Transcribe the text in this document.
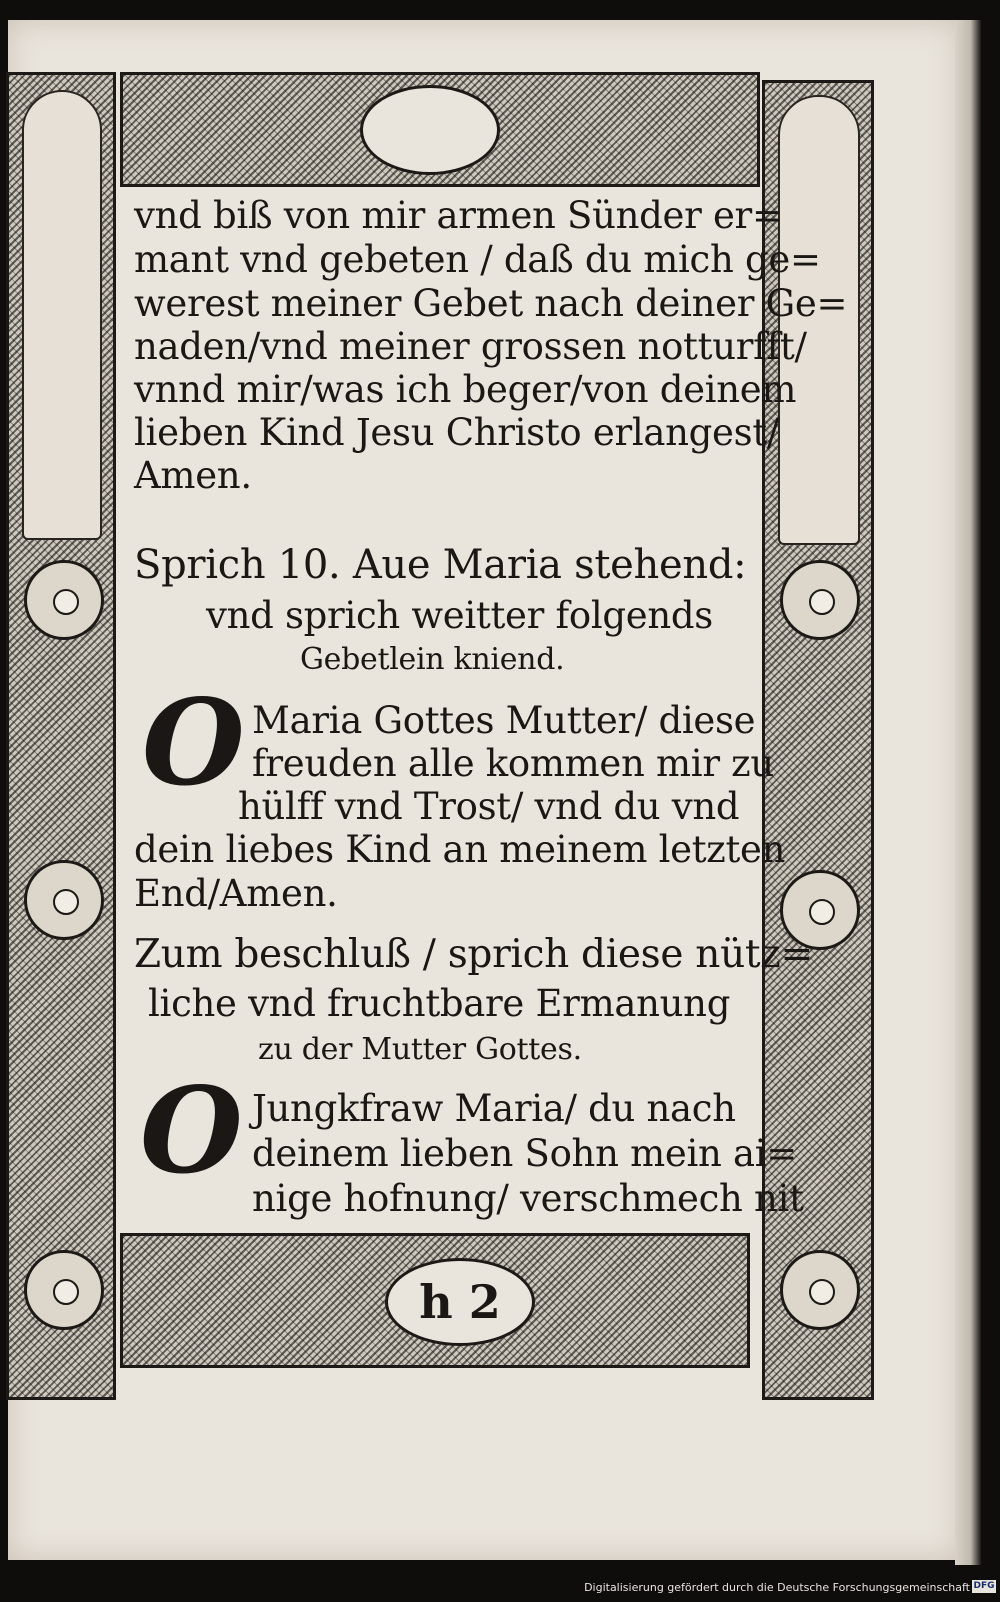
h 2
vnd biß von mir armen Sünder er=
mant vnd gebeten / daß du mich ge=
werest meiner Gebet nach deiner Ge=
naden/vnd meiner grossen notturfft/
vnnd mir/was ich beger/von deinem
lieben Kind Jesu Christo erlangest/
Amen.
Sprich 10. Aue Maria stehend:
vnd sprich weitter folgends
Gebetlein kniend.
O Maria Gottes Mutter/ diese
freuden alle kommen mir zu
hülff vnd Trost/ vnd du vnd
dein liebes Kind an meinem letzten
End/Amen.
Zum beschluß / sprich diese nütz=
liche vnd fruchtbare Ermanung
zu der Mutter Gottes.
O Jungkfraw Maria/ du nach
deinem lieben Sohn mein ai=
nige hofnung/ verschmech nit
Digitalisierung gefördert durch die Deutsche Forschungsgemeinschaft DFG
